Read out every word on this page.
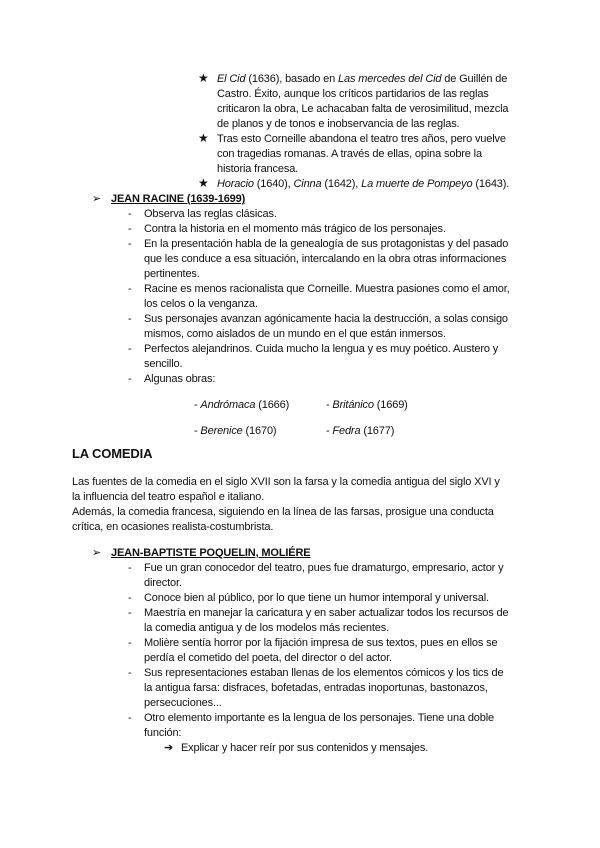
★ El Cid (1636), basado en Las mercedes del Cid de Guillén de
Castro. Éxito, aunque los críticos partidarios de las reglas
criticaron la obra, Le achacaban falta de verosimilitud, mezcla
de planos y de tonos e inobservancia de las reglas.
★ Tras esto Corneille abandona el teatro tres años, pero vuelve
con tragedias romanas. A través de ellas, opina sobre la
historia francesa.
★ Horacio (1640), Cinna (1642), La muerte de Pompeyo (1643).
➢ JEAN RACINE (1639-1699)
- Observa las reglas clásicas.
- Contra la historia en el momento más trágico de los personajes.
- En la presentación habla de la genealogía de sus protagonistas y del pasado
que les conduce a esa situación, intercalando en la obra otras informaciones
pertinentes.
- Racine es menos racionalista que Corneille. Muestra pasiones como el amor,
los celos o la venganza.
- Sus personajes avanzan agónicamente hacia la destrucción, a solas consigo
mismos, como aislados de un mundo en el que están inmersos.
- Perfectos alejandrinos. Cuida mucho la lengua y es muy poético. Austero y
sencillo.
- Algunas obras:
- Andrómaca (1666)	- Británico (1669)
- Berenice (1670)	- Fedra (1677)
LA COMEDIA
Las fuentes de la comedia en el siglo XVII son la farsa y la comedia antigua del siglo XVI y
la influencia del teatro español e italiano.
Además, la comedia francesa, siguiendo en la línea de las farsas, prosigue una conducta
crítica, en ocasiones realista-costumbrista.
➢ JEAN-BAPTISTE POQUELIN, MOLIÉRE
- Fue un gran conocedor del teatro, pues fue dramaturgo, empresario, actor y
director.
- Conoce bien al público, por lo que tiene un humor intemporal y universal.
- Maestría en manejar la caricatura y en saber actualizar todos los recursos de
la comedia antigua y de los modelos más recientes.
- Molière sentía horror por la fijación impresa de sus textos, pues en ellos se
perdía el cometido del poeta, del director o del actor.
- Sus representaciones estaban llenas de los elementos cómicos y los tics de
la antigua farsa: disfraces, bofetadas, entradas inoportunas, bastonazos,
persecuciones...
- Otro elemento importante es la lengua de los personajes. Tiene una doble
función:
➔ Explicar y hacer reír por sus contenidos y mensajes.
